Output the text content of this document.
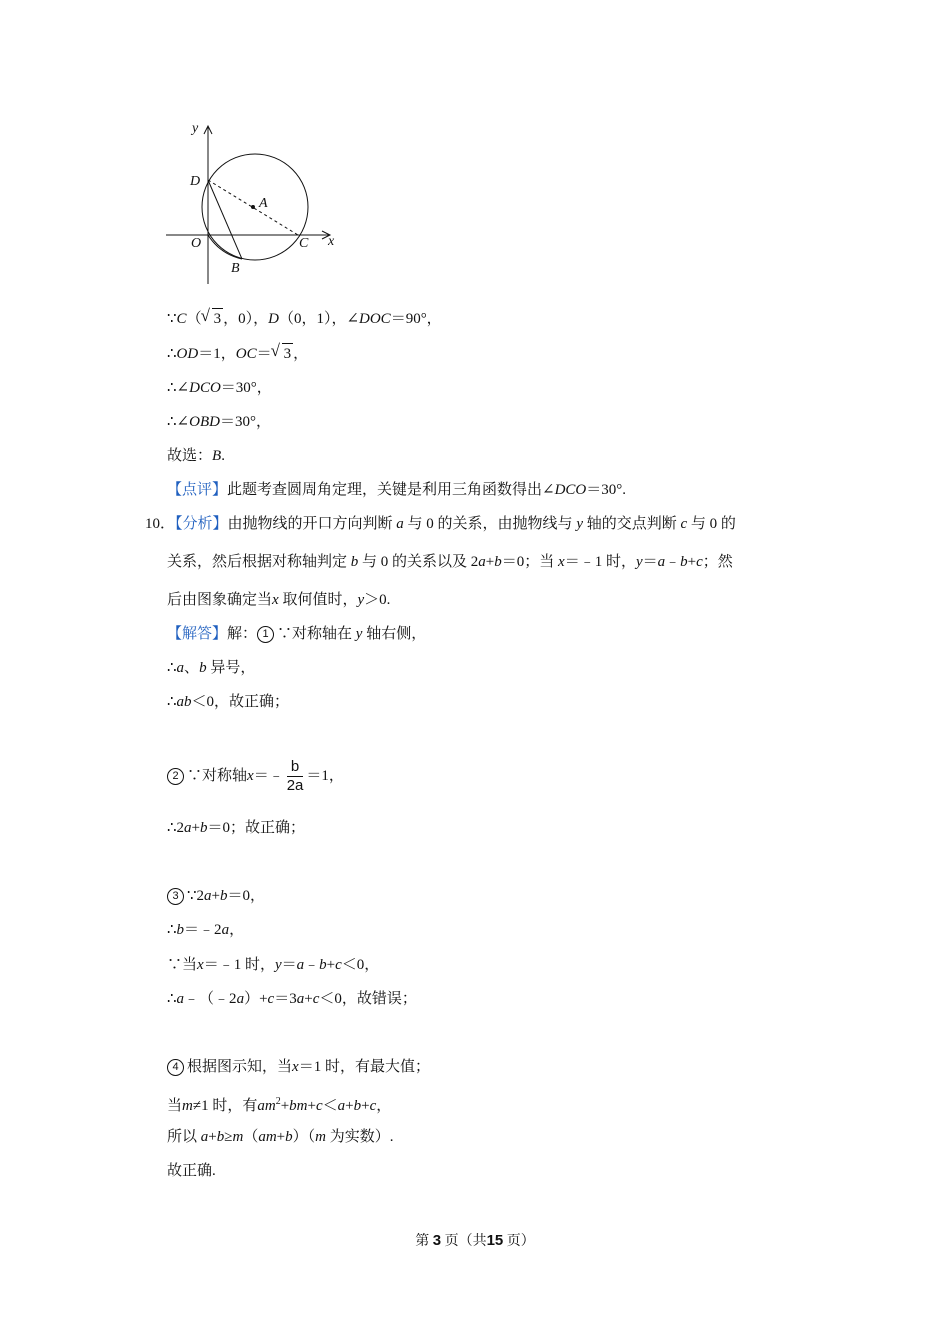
y
x
D
A
O	C
B
∵C（ √ 3 ，0），D（0，1），∠DOC＝90°，
∴OD＝1，OC＝ √ 3 ，
∴∠DCO＝30°，
∴∠OBD＝30°，
故选：B.
【点评】此题考查圆周角定理，关键是利用三角函数得出∠DCO＝30°.
10．【分析】由抛物线的开口方向判断 a 与 0 的关系，由抛物线与 y 轴的交点判断 c 与 0 的
关系，然后根据对称轴判定 b 与 0 的关系以及 2a+b＝0；当 x＝﹣1 时，y＝a﹣b+c；然
后由图象确定当x 取何值时，y＞0.
【解答】解： 1 ∵对称轴在 y 轴右侧，
∴a、b 异号，
∴ab＜0，故正确；
2 ∵对称轴x＝﹣ $\frac{b}{2a} =1$，
∴2a+b＝0；故正确；
3 ∵2a+b＝0，
∴b＝﹣2a，
∵当x＝﹣1 时，y＝a﹣b+c＜0，
∴a﹣（﹣2a）+c＝3a+c＜0，故错误；
4 根据图示知，当x＝1 时，有最大值；
当m≠1 时，有$am^2+bm+c<a+b+c$，
所以 a+b≥m（am+b）（m 为实数）.
故正确.
第 3 页（共15 页）
